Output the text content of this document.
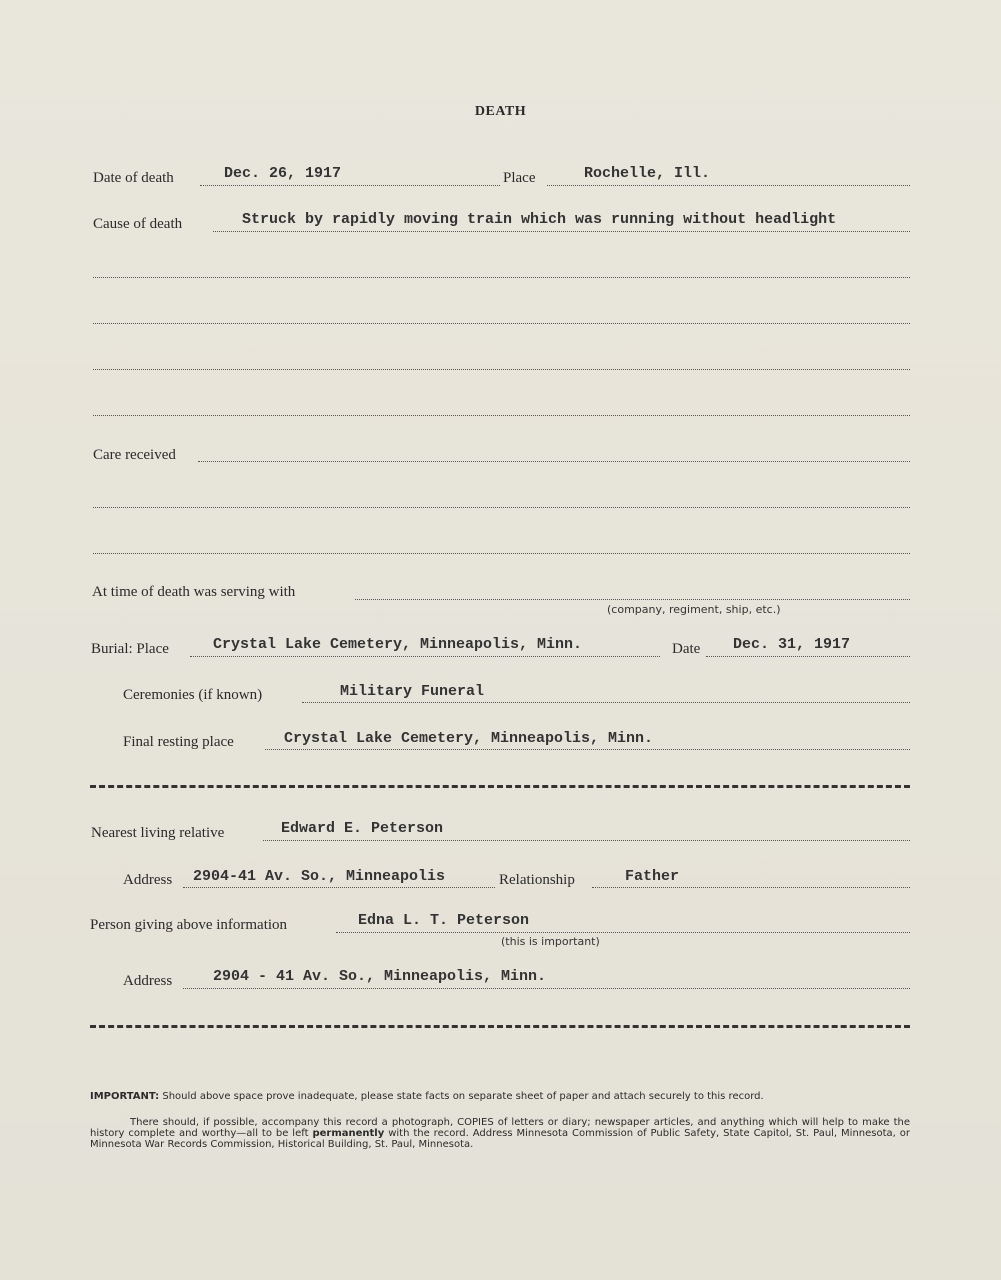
DEATH
Date of death	Dec. 26, 1917	Place	Rochelle, Ill.
Cause of death	Struck by rapidly moving train which was running without headlight
Care received
At time of death was serving with
(company, regiment, ship, etc.)
Burial: Place	Crystal Lake Cemetery, Minneapolis, Minn.	Date Dec. 31, 1917
Ceremonies (if known)	Military Funeral
Final resting place	Crystal Lake Cemetery, Minneapolis, Minn.
Nearest living relative	Edward E. Peterson
Address 2904-41 Av. So., Minneapolis	Relationship	Father
Person giving above information	Edna L. T. Peterson
(this is important)
Address	2904 - 41 Av. So., Minneapolis, Minn.
IMPORTANT: Should above space prove inadequate, please state facts on separate sheet of paper and attach securely to this record.
There should, if possible, accompany this record a photograph, COPIES of letters or diary; newspaper articles, and anything which will help to make the history complete and worthy—all to be left permanently with the record. Address Minnesota Commission of Public Safety, State Capitol, St. Paul, Minnesota, or Minnesota War Records Commission, Historical Building, St. Paul, Minnesota.
